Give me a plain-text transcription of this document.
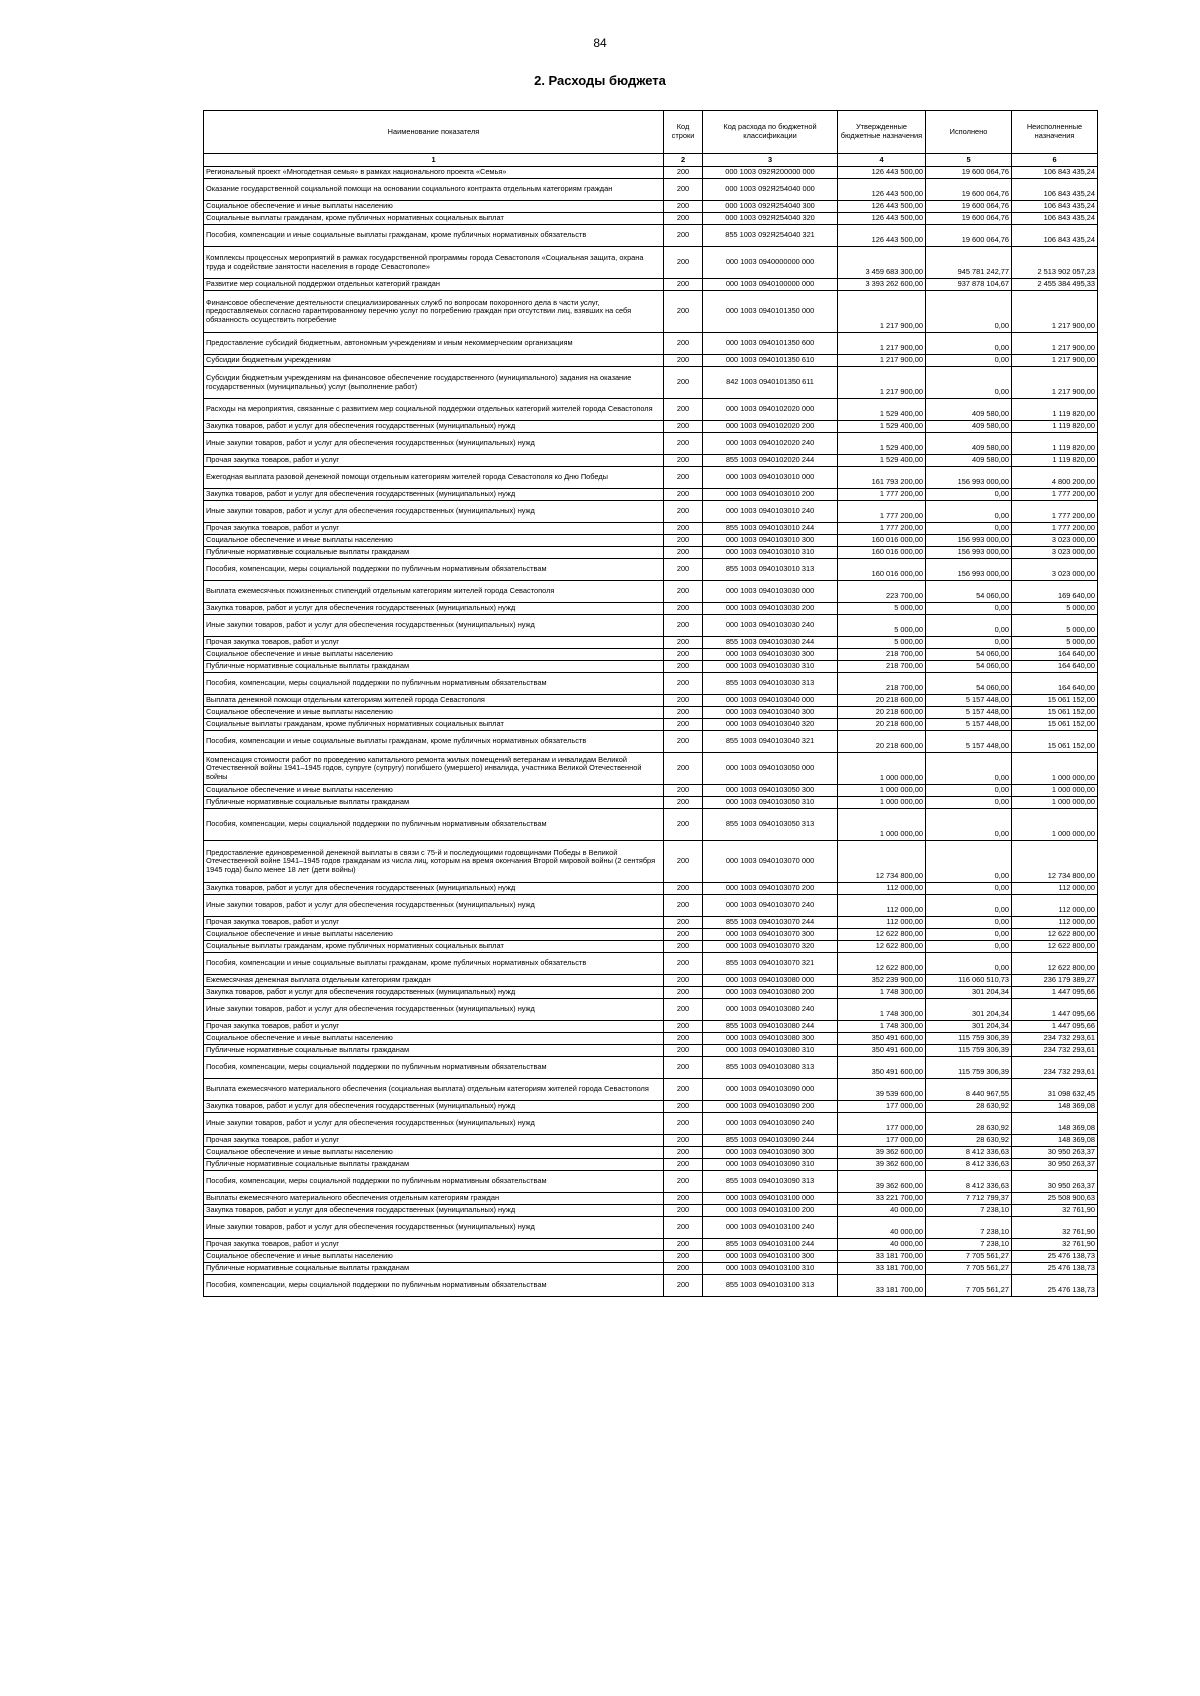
84
2. Расходы бюджета
Наименование показателя	Код строки	Код расхода по бюджетной классификации	Утвержденные бюджетные назначения	Исполнено	Неисполненные назначения
1	2	3	4	5	6
Региональный проект «Многодетная семья» в рамках национального проекта «Семья»	200	000 1003 092Я200000 000	126 443 500,00	19 600 064,76	106 843 435,24
Оказание государственной социальной помощи на основании социального контракта отдельным категориям граждан	200	000 1003 092Я254040 000	126 443 500,00	19 600 064,76	106 843 435,24
Социальное обеспечение и иные выплаты населению	200	000 1003 092Я254040 300	126 443 500,00	19 600 064,76	106 843 435,24
Социальные выплаты гражданам, кроме публичных нормативных социальных выплат	200	000 1003 092Я254040 320	126 443 500,00	19 600 064,76	106 843 435,24
Пособия, компенсации и иные социальные выплаты гражданам, кроме публичных нормативных обязательств	200	855 1003 092Я254040 321	126 443 500,00	19 600 064,76	106 843 435,24
Комплексы процессных мероприятий в рамках государственной программы города Севастополя «Социальная защита, охрана труда и содействие занятости населения в городе Севастополе»	200	000 1003 0940000000 000	3 459 683 300,00	945 781 242,77	2 513 902 057,23
Развитие мер социальной поддержки отдельных категорий граждан	200	000 1003 0940100000 000	3 393 262 600,00	937 878 104,67	2 455 384 495,33
Финансовое обеспечение деятельности специализированных служб по вопросам похоронного дела в части услуг, предоставляемых согласно гарантированному перечню услуг по погребению граждан при отсутствии лиц, взявших на себя обязанность осуществить погребение	200	000 1003 0940101350 000	1 217 900,00	0,00	1 217 900,00
Предоставление субсидий бюджетным, автономным учреждениям и иным некоммерческим организациям	200	000 1003 0940101350 600	1 217 900,00	0,00	1 217 900,00
Субсидии бюджетным учреждениям	200	000 1003 0940101350 610	1 217 900,00	0,00	1 217 900,00
Субсидии бюджетным учреждениям на финансовое обеспечение государственного (муниципального) задания на оказание государственных (муниципальных) услуг (выполнение работ)	200	842 1003 0940101350 611	1 217 900,00	0,00	1 217 900,00
Расходы на мероприятия, связанные с развитием мер социальной поддержки отдельных категорий жителей города Севастополя	200	000 1003 0940102020 000	1 529 400,00	409 580,00	1 119 820,00
Закупка товаров, работ и услуг для обеспечения государственных (муниципальных) нужд	200	000 1003 0940102020 200	1 529 400,00	409 580,00	1 119 820,00
Иные закупки товаров, работ и услуг для обеспечения государственных (муниципальных) нужд	200	000 1003 0940102020 240	1 529 400,00	409 580,00	1 119 820,00
Прочая закупка товаров, работ и услуг	200	855 1003 0940102020 244	1 529 400,00	409 580,00	1 119 820,00
Ежегодная выплата разовой денежной помощи отдельным категориям жителей города Севастополя ко Дню Победы	200	000 1003 0940103010 000	161 793 200,00	156 993 000,00	4 800 200,00
Закупка товаров, работ и услуг для обеспечения государственных (муниципальных) нужд	200	000 1003 0940103010 200	1 777 200,00	0,00	1 777 200,00
Иные закупки товаров, работ и услуг для обеспечения государственных (муниципальных) нужд	200	000 1003 0940103010 240	1 777 200,00	0,00	1 777 200,00
Прочая закупка товаров, работ и услуг	200	855 1003 0940103010 244	1 777 200,00	0,00	1 777 200,00
Социальное обеспечение и иные выплаты населению	200	000 1003 0940103010 300	160 016 000,00	156 993 000,00	3 023 000,00
Публичные нормативные социальные выплаты гражданам	200	000 1003 0940103010 310	160 016 000,00	156 993 000,00	3 023 000,00
Пособия, компенсации, меры социальной поддержки по публичным нормативным обязательствам	200	855 1003 0940103010 313	160 016 000,00	156 993 000,00	3 023 000,00
Выплата ежемесячных пожизненных стипендий отдельным категориям жителей города Севастополя	200	000 1003 0940103030 000	223 700,00	54 060,00	169 640,00
Закупка товаров, работ и услуг для обеспечения государственных (муниципальных) нужд	200	000 1003 0940103030 200	5 000,00	0,00	5 000,00
Иные закупки товаров, работ и услуг для обеспечения государственных (муниципальных) нужд	200	000 1003 0940103030 240	5 000,00	0,00	5 000,00
Прочая закупка товаров, работ и услуг	200	855 1003 0940103030 244	5 000,00	0,00	5 000,00
Социальное обеспечение и иные выплаты населению	200	000 1003 0940103030 300	218 700,00	54 060,00	164 640,00
Публичные нормативные социальные выплаты гражданам	200	000 1003 0940103030 310	218 700,00	54 060,00	164 640,00
Пособия, компенсации, меры социальной поддержки по публичным нормативным обязательствам	200	855 1003 0940103030 313	218 700,00	54 060,00	164 640,00
Выплата денежной помощи отдельным категориям жителей города Севастополя	200	000 1003 0940103040 000	20 218 600,00	5 157 448,00	15 061 152,00
Социальное обеспечение и иные выплаты населению	200	000 1003 0940103040 300	20 218 600,00	5 157 448,00	15 061 152,00
Социальные выплаты гражданам, кроме публичных нормативных социальных выплат	200	000 1003 0940103040 320	20 218 600,00	5 157 448,00	15 061 152,00
Пособия, компенсации и иные социальные выплаты гражданам, кроме публичных нормативных обязательств	200	855 1003 0940103040 321	20 218 600,00	5 157 448,00	15 061 152,00
Компенсация стоимости работ по проведению капитального ремонта жилых помещений ветеранам и инвалидам Великой Отечественной войны 1941–1945 годов, супруге (супругу) погибшего (умершего) инвалида, участника Великой Отечественной войны	200	000 1003 0940103050 000	1 000 000,00	0,00	1 000 000,00
Социальное обеспечение и иные выплаты населению	200	000 1003 0940103050 300	1 000 000,00	0,00	1 000 000,00
Публичные нормативные социальные выплаты гражданам	200	000 1003 0940103050 310	1 000 000,00	0,00	1 000 000,00
Пособия, компенсации, меры социальной поддержки по публичным нормативным обязательствам	200	855 1003 0940103050 313	1 000 000,00	0,00	1 000 000,00
Предоставление единовременной денежной выплаты в связи с 75-й и последующими годовщинами Победы в Великой Отечественной войне 1941–1945 годов гражданам из числа лиц, которым на время окончания Второй мировой войны (2 сентября 1945 года) было менее 18 лет (дети войны)	200	000 1003 0940103070 000	12 734 800,00	0,00	12 734 800,00
Закупка товаров, работ и услуг для обеспечения государственных (муниципальных) нужд	200	000 1003 0940103070 200	112 000,00	0,00	112 000,00
Иные закупки товаров, работ и услуг для обеспечения государственных (муниципальных) нужд	200	000 1003 0940103070 240	112 000,00	0,00	112 000,00
Прочая закупка товаров, работ и услуг	200	855 1003 0940103070 244	112 000,00	0,00	112 000,00
Социальное обеспечение и иные выплаты населению	200	000 1003 0940103070 300	12 622 800,00	0,00	12 622 800,00
Социальные выплаты гражданам, кроме публичных нормативных социальных выплат	200	000 1003 0940103070 320	12 622 800,00	0,00	12 622 800,00
Пособия, компенсации и иные социальные выплаты гражданам, кроме публичных нормативных обязательств	200	855 1003 0940103070 321	12 622 800,00	0,00	12 622 800,00
Ежемесячная денежная выплата отдельным категориям граждан	200	000 1003 0940103080 000	352 239 900,00	116 060 510,73	236 179 389,27
Закупка товаров, работ и услуг для обеспечения государственных (муниципальных) нужд	200	000 1003 0940103080 200	1 748 300,00	301 204,34	1 447 095,66
Иные закупки товаров, работ и услуг для обеспечения государственных (муниципальных) нужд	200	000 1003 0940103080 240	1 748 300,00	301 204,34	1 447 095,66
Прочая закупка товаров, работ и услуг	200	855 1003 0940103080 244	1 748 300,00	301 204,34	1 447 095,66
Социальное обеспечение и иные выплаты населению	200	000 1003 0940103080 300	350 491 600,00	115 759 306,39	234 732 293,61
Публичные нормативные социальные выплаты гражданам	200	000 1003 0940103080 310	350 491 600,00	115 759 306,39	234 732 293,61
Пособия, компенсации, меры социальной поддержки по публичным нормативным обязательствам	200	855 1003 0940103080 313	350 491 600,00	115 759 306,39	234 732 293,61
Выплата ежемесячного материального обеспечения (социальная выплата) отдельным категориям жителей города Севастополя	200	000 1003 0940103090 000	39 539 600,00	8 440 967,55	31 098 632,45
Закупка товаров, работ и услуг для обеспечения государственных (муниципальных) нужд	200	000 1003 0940103090 200	177 000,00	28 630,92	148 369,08
Иные закупки товаров, работ и услуг для обеспечения государственных (муниципальных) нужд	200	000 1003 0940103090 240	177 000,00	28 630,92	148 369,08
Прочая закупка товаров, работ и услуг	200	855 1003 0940103090 244	177 000,00	28 630,92	148 369,08
Социальное обеспечение и иные выплаты населению	200	000 1003 0940103090 300	39 362 600,00	8 412 336,63	30 950 263,37
Публичные нормативные социальные выплаты гражданам	200	000 1003 0940103090 310	39 362 600,00	8 412 336,63	30 950 263,37
Пособия, компенсации, меры социальной поддержки по публичным нормативным обязательствам	200	855 1003 0940103090 313	39 362 600,00	8 412 336,63	30 950 263,37
Выплаты ежемесячного материального обеспечения отдельным категориям граждан	200	000 1003 0940103100 000	33 221 700,00	7 712 799,37	25 508 900,63
Закупка товаров, работ и услуг для обеспечения государственных (муниципальных) нужд	200	000 1003 0940103100 200	40 000,00	7 238,10	32 761,90
Иные закупки товаров, работ и услуг для обеспечения государственных (муниципальных) нужд	200	000 1003 0940103100 240	40 000,00	7 238,10	32 761,90
Прочая закупка товаров, работ и услуг	200	855 1003 0940103100 244	40 000,00	7 238,10	32 761,90
Социальное обеспечение и иные выплаты населению	200	000 1003 0940103100 300	33 181 700,00	7 705 561,27	25 476 138,73
Публичные нормативные социальные выплаты гражданам	200	000 1003 0940103100 310	33 181 700,00	7 705 561,27	25 476 138,73
Пособия, компенсации, меры социальной поддержки по публичным нормативным обязательствам	200	855 1003 0940103100 313	33 181 700,00	7 705 561,27	25 476 138,73
